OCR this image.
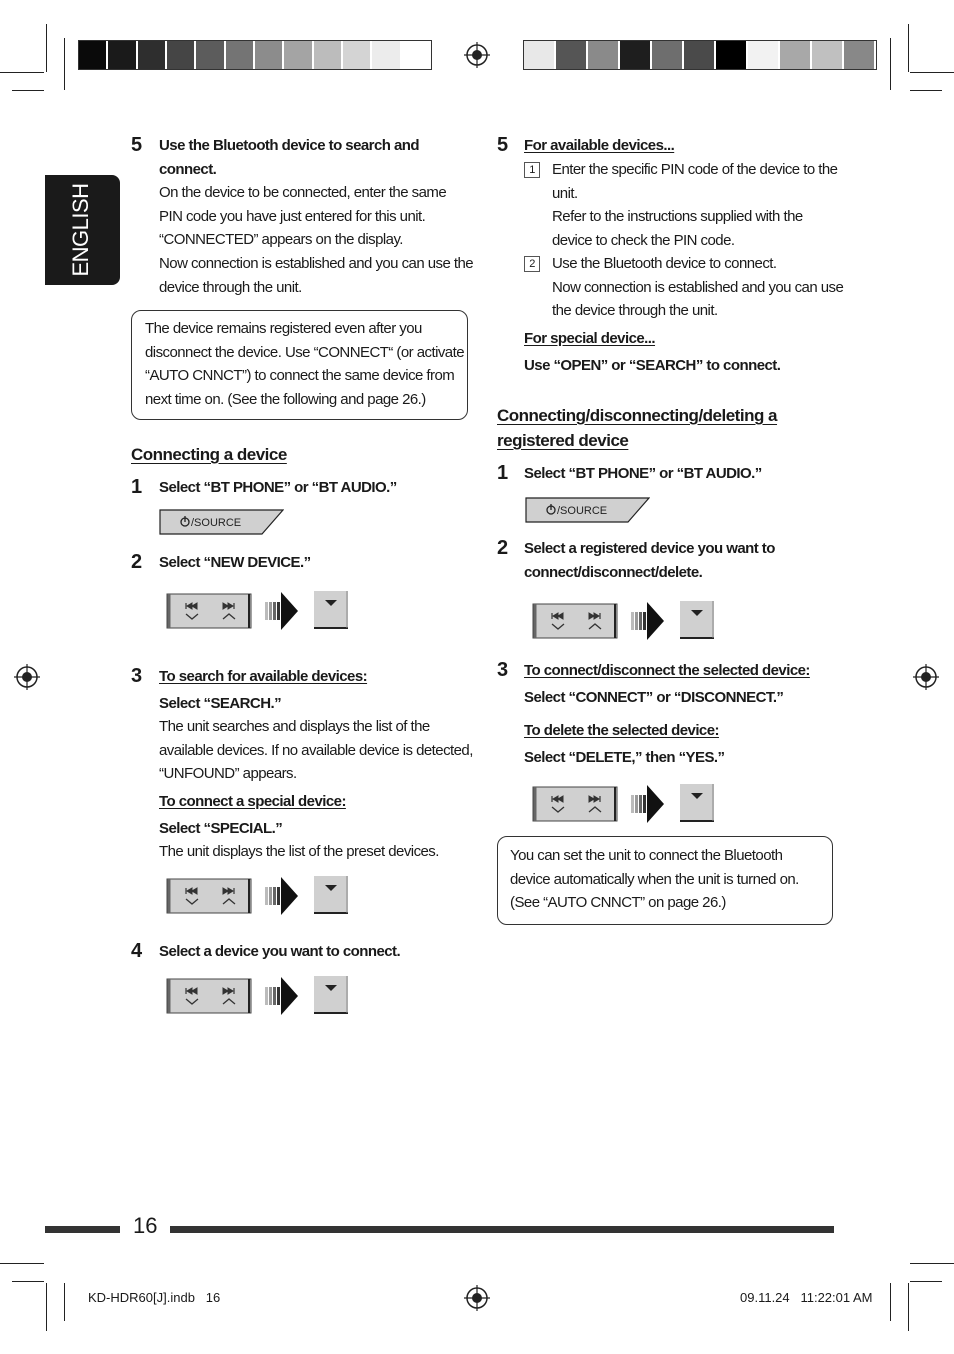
ENGLISH
5 Use the Bluetooth device to search and
connect.
On the device to be connected, enter the same
PIN code you have just entered for this unit.
“CONNECTED” appears on the display.
Now connection is established and you can use the
device through the unit.
The device remains registered even after you
disconnect the device. Use “CONNECT“ (or activate
“AUTO CNNCT”) to connect the same device from
next time on. (See the following and page 26.)
Connecting a device
1 Select “BT PHONE” or “BT AUDIO.”
/SOURCE
2 Select “NEW DEVICE.”
3 To search for available devices:
Select “SEARCH.”
The unit searches and displays the list of the
available devices. If no available device is detected,
“UNFOUND” appears.
To connect a special device:
Select “SPECIAL.”
The unit displays the list of the preset devices.
4 Select a device you want to connect.
5 For available devices...
1	Enter the specific PIN code of the device to the
unit.
Refer to the instructions supplied with the
device to check the PIN code.
2	Use the Bluetooth device to connect.
Now connection is established and you can use
the device through the unit.
For special device...
Use “OPEN” or “SEARCH” to connect.
Connecting/disconnecting/deleting a
registered device
1 Select “BT PHONE” or “BT AUDIO.”
/SOURCE
2 Select a registered device you want to
connect/disconnect/delete.
3 To connect/disconnect the selected device:
Select “CONNECT” or “DISCONNECT.”
To delete the selected device:
Select “DELETE,” then “YES.”
You can set the unit to connect the Bluetooth
device automatically when the unit is turned on.
(See “AUTO CNNCT” on page 26.)
16
KD-HDR60[J].indb   16	09.11.24   11:22:01 AM
